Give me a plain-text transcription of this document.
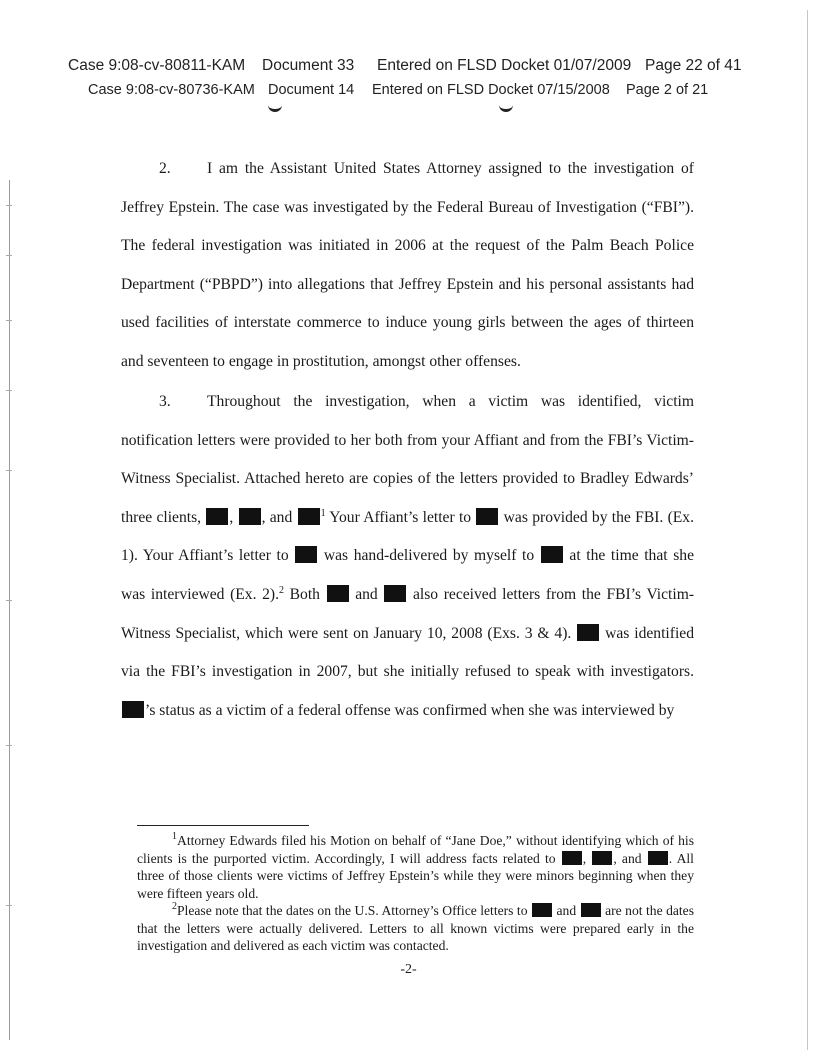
Case 9:08-cv-80811-KAM Document 33 Entered on FLSD Docket 01/07/2009 Page 22 of 41
Case 9:08-cv-80736-KAM Document 14 Entered on FLSD Docket 07/15/2008 Page 2 of 21

2. I am the Assistant United States Attorney assigned to the investigation of Jeffrey Epstein. The case was investigated by the Federal Bureau of Investigation (“FBI”). The federal investigation was initiated in 2006 at the request of the Palm Beach Police Department (“PBPD”) into allegations that Jeffrey Epstein and his personal assistants had used facilities of interstate commerce to induce young girls between the ages of thirteen and seventeen to engage in prostitution, amongst other offenses.

3. Throughout the investigation, when a victim was identified, victim notification letters were provided to her both from your Affiant and from the FBI’s Victim-Witness Specialist. Attached hereto are copies of the letters provided to Bradley Edwards’ three clients, , , and	$^1$ Your Affiant’s letter to was provided by the FBI. (Ex. 1). Your Affiant’s letter to was hand-delivered by myself to at the time that she was interviewed (Ex. 2).$^2$ Both and also received letters from the FBI’s Victim-Witness Specialist, which were sent on January 10, 2008 (Exs. 3 & 4). was identified via the FBI’s investigation in 2007, but she initially refused to speak with investigators. ’s status as a victim of a federal offense was confirmed when she was interviewed by

$^1$Attorney Edwards filed his Motion on behalf of “Jane Doe,” without identifying which of his clients is the purported victim. Accordingly, I will address facts related to , , and . All three of those clients were victims of Jeffrey Epstein’s while they were minors beginning when they were fifteen years old.

$^2$Please note that the dates on the U.S. Attorney’s Office letters to and are not the dates that the letters were actually delivered. Letters to all known victims were prepared early in the investigation and delivered as each victim was contacted.

-2-
